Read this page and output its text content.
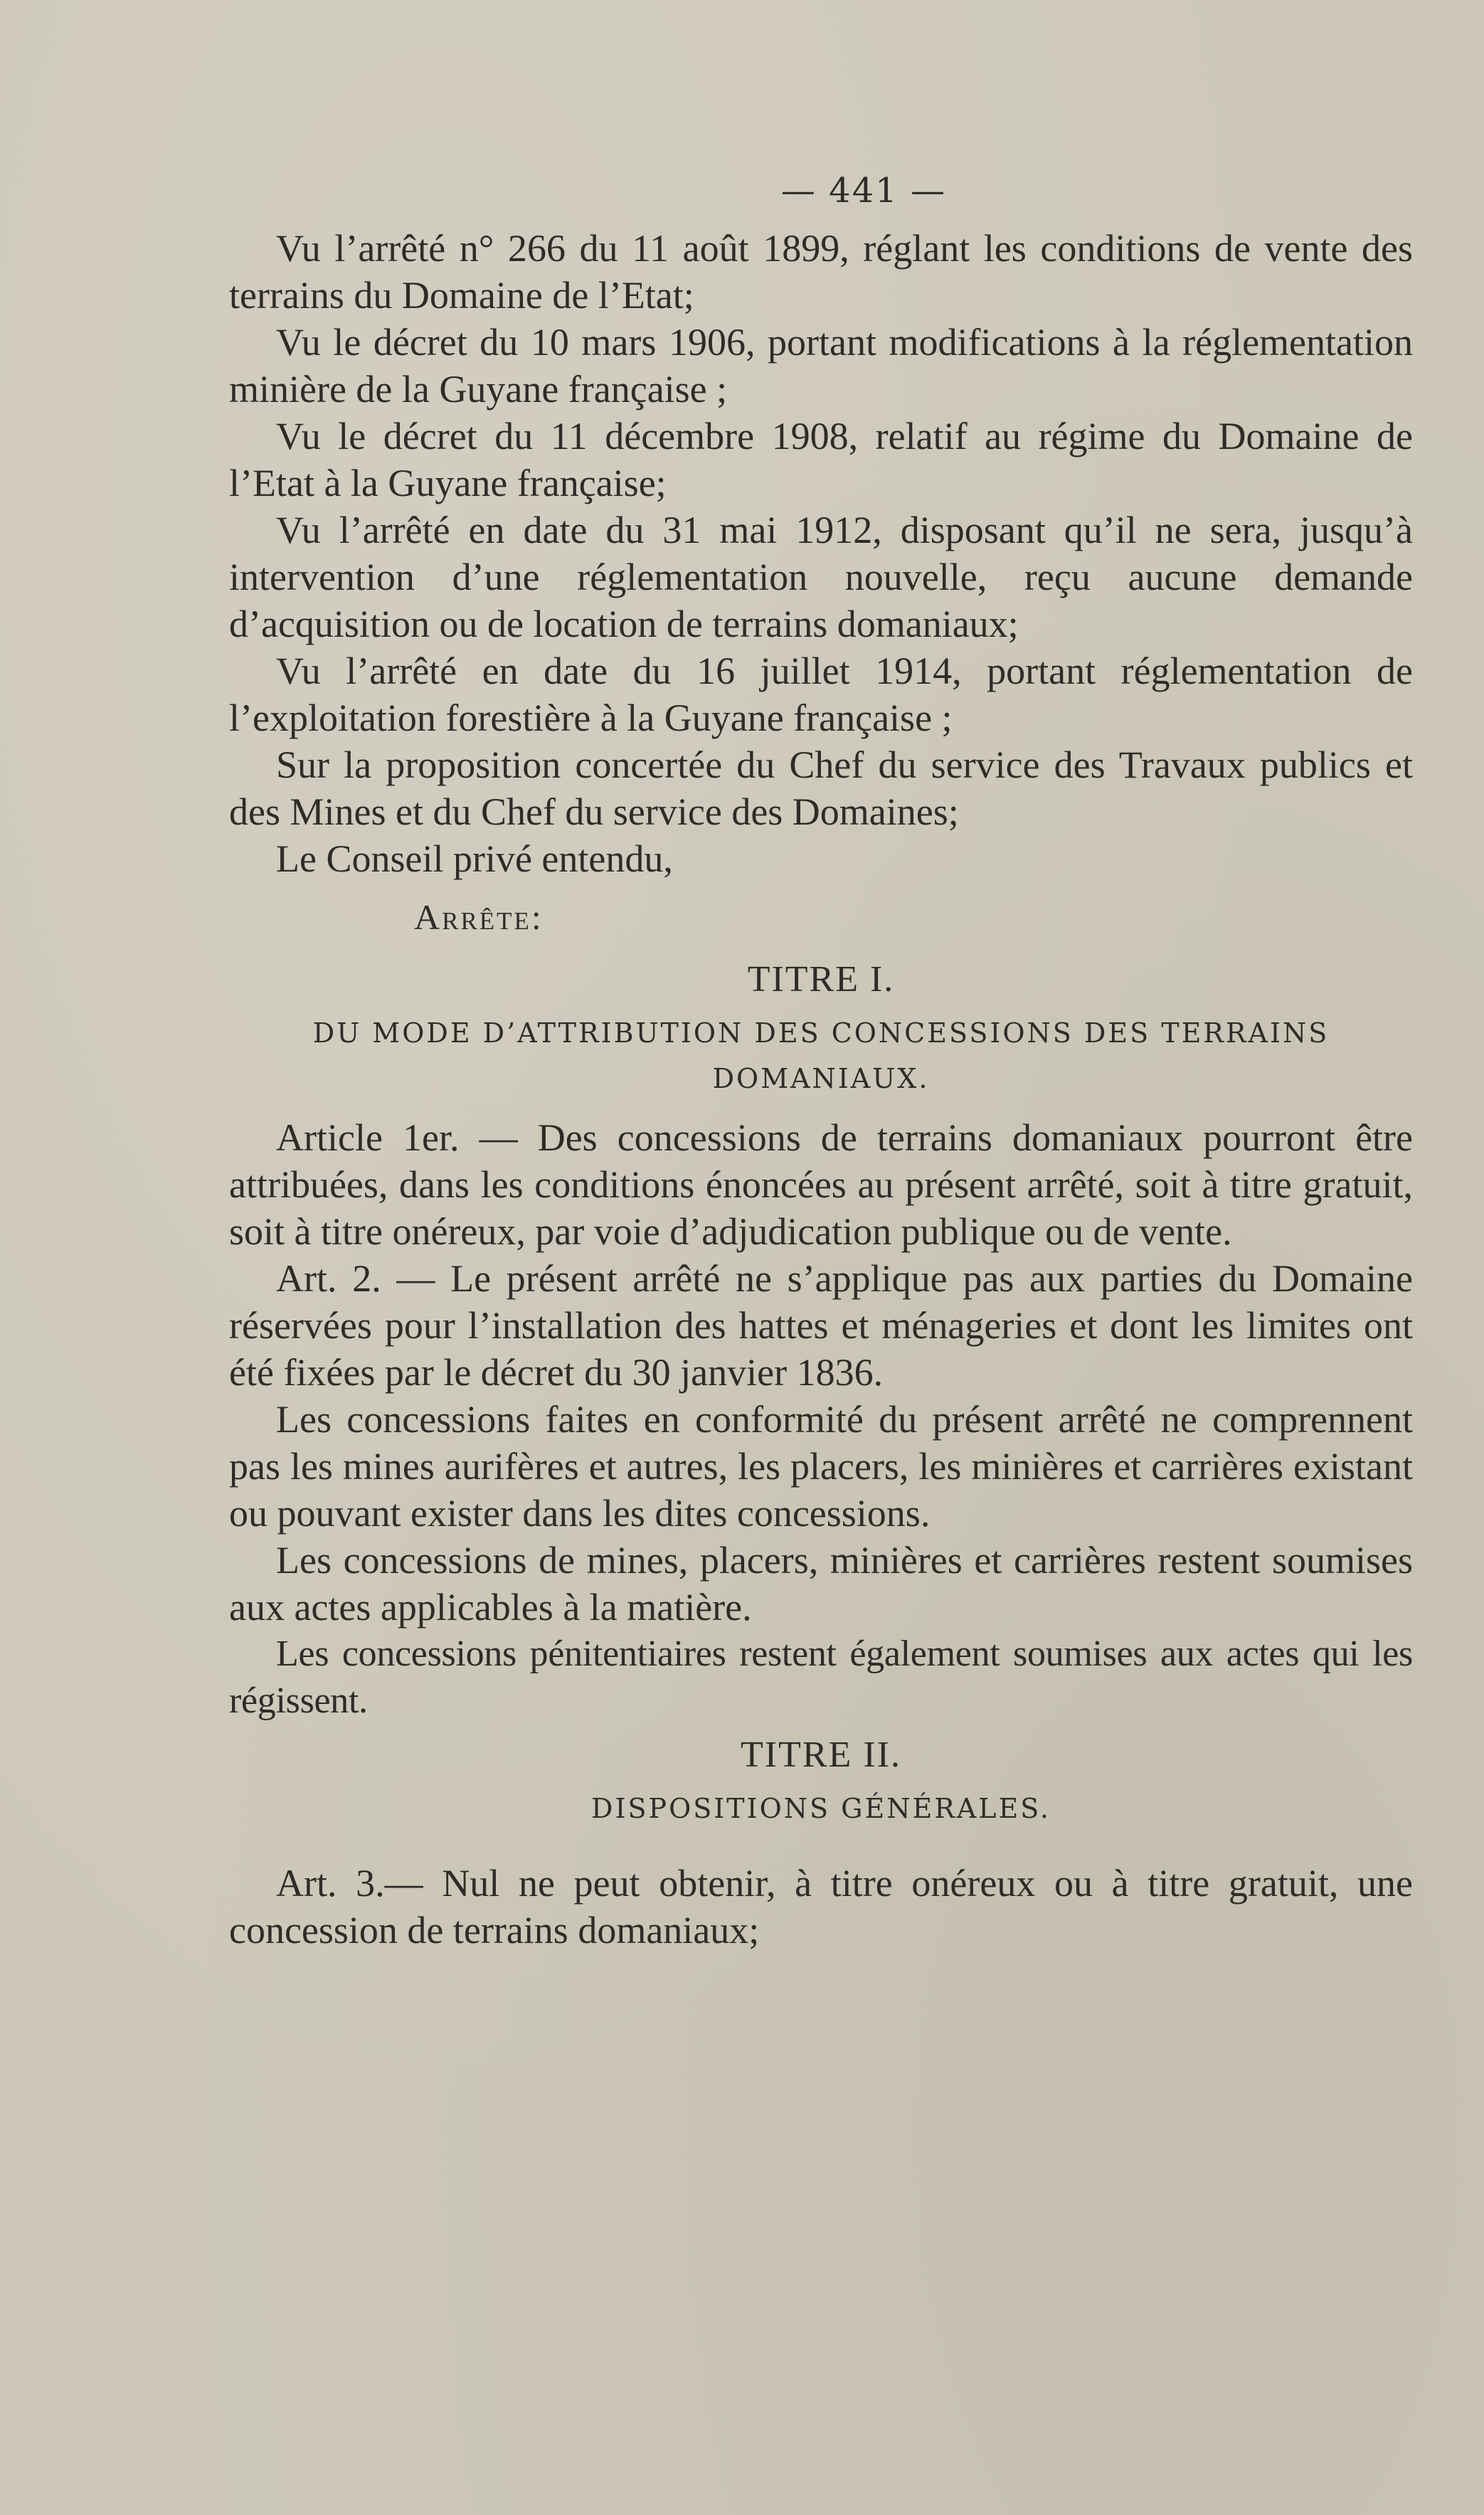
— 441 —

Vu l’arrêté n° 266 du 11 août 1899, réglant les conditions de vente des terrains du Domaine de l’Etat;

Vu le décret du 10 mars 1906, portant modifications à la réglementation minière de la Guyane française ;

Vu le décret du 11 décembre 1908, relatif au régime du Domaine de l’Etat à la Guyane française;

Vu l’arrêté en date du 31 mai 1912, disposant qu’il ne sera, jusqu’à intervention d’une réglementation nouvelle, reçu aucune demande d’acquisition ou de location de terrains domaniaux;

Vu l’arrêté en date du 16 juillet 1914, portant réglementation de l’exploitation forestière à la Guyane française ;

Sur la proposition concertée du Chef du service des Travaux publics et des Mines et du Chef du service des Domaines;

Le Conseil privé entendu,

Arrête:
TITRE I.
DU MODE D’ATTRIBUTION DES CONCESSIONS DES TERRAINS DOMANIAUX.

Article 1er. — Des concessions de terrains domaniaux pourront être attribuées, dans les conditions énoncées au présent arrêté, soit à titre gratuit, soit à titre onéreux, par voie d’adjudication publique ou de vente.

Art. 2. — Le présent arrêté ne s’applique pas aux parties du Domaine réservées pour l’installation des hattes et ménageries et dont les limites ont été fixées par le décret du 30 janvier 1836.

Les concessions faites en conformité du présent arrêté ne comprennent pas les mines aurifères et autres, les placers, les minières et carrières existant ou pouvant exister dans les dites concessions.

Les concessions de mines, placers, minières et carrières restent soumises aux actes applicables à la matière.

Les concessions pénitentiaires restent également soumises aux actes qui les régissent.

TITRE II.
DISPOSITIONS GÉNÉRALES.

Art. 3.— Nul ne peut obtenir, à titre onéreux ou à titre gratuit, une concession de terrains domaniaux;
